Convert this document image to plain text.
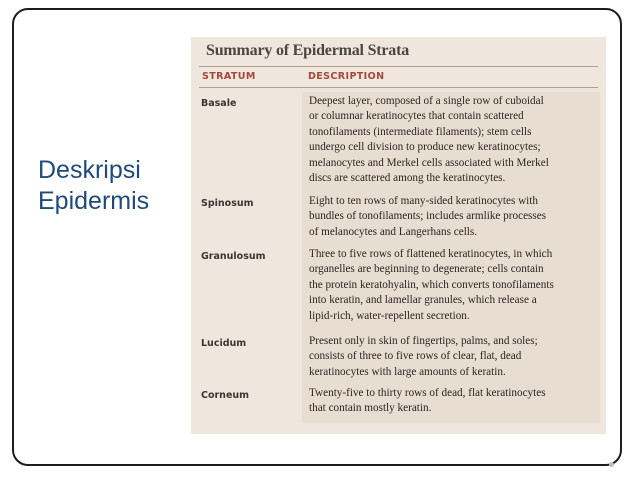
Deskripsi
Epidermis
Summary of Epidermal Strata
STRATUM	DESCRIPTION
Basale	Deepest layer, composed of a single row of cuboidal
or columnar keratinocytes that contain scattered
tonofilaments (intermediate filaments); stem cells
undergo cell division to produce new keratinocytes;
melanocytes and Merkel cells associated with Merkel
discs are scattered among the keratinocytes.
Spinosum	Eight to ten rows of many-sided keratinocytes with
bundles of tonofilaments; includes armlike processes
of melanocytes and Langerhans cells.
Granulosum	Three to five rows of flattened keratinocytes, in which
organelles are beginning to degenerate; cells contain
the protein keratohyalin, which converts tonofilaments
into keratin, and lamellar granules, which release a
lipid-rich, water-repellent secretion.
Lucidum	Present only in skin of fingertips, palms, and soles;
consists of three to five rows of clear, flat, dead
keratinocytes with large amounts of keratin.
Corneum	Twenty-five to thirty rows of dead, flat keratinocytes
that contain mostly keratin.
